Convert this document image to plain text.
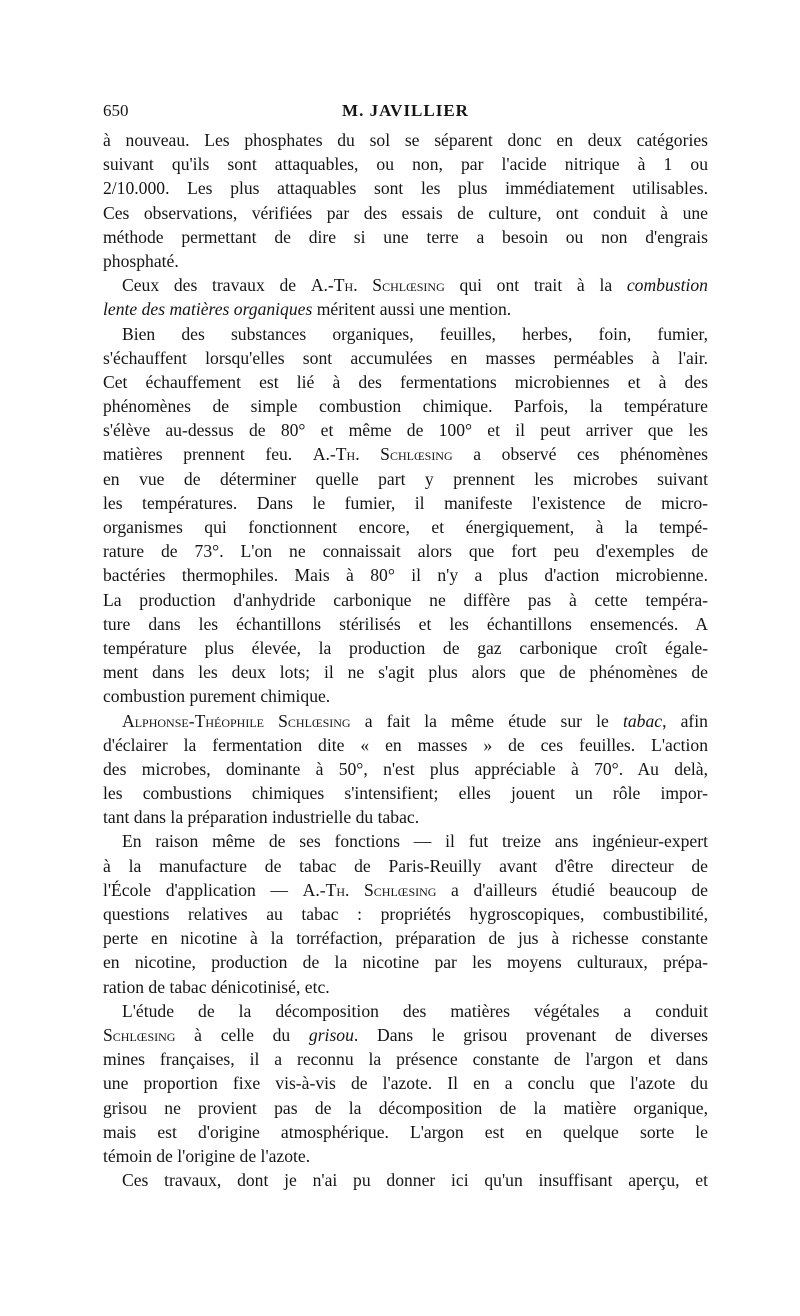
650	M. JAVILLIER
à nouveau. Les phosphates du sol se séparent donc en deux catégories
suivant qu'ils sont attaquables, ou non, par l'acide nitrique à 1 ou
2/10.000. Les plus attaquables sont les plus immédiatement utilisables.
Ces observations, vérifiées par des essais de culture, ont conduit à une
méthode permettant de dire si une terre a besoin ou non d'engrais
phosphaté.
Ceux des travaux de A.-Th. Schlœsing qui ont trait à la combustion
lente des matières organiques méritent aussi une mention.
Bien des substances organiques, feuilles, herbes, foin, fumier,
s'échauffent lorsqu'elles sont accumulées en masses perméables à l'air.
Cet échauffement est lié à des fermentations microbiennes et à des
phénomènes de simple combustion chimique. Parfois, la température
s'élève au-dessus de 80° et même de 100° et il peut arriver que les
matières prennent feu. A.-Th. Schlœsing a observé ces phénomènes
en vue de déterminer quelle part y prennent les microbes suivant
les températures. Dans le fumier, il manifeste l'existence de micro-
organismes qui fonctionnent encore, et énergiquement, à la tempé-
rature de 73°. L'on ne connaissait alors que fort peu d'exemples de
bactéries thermophiles. Mais à 80° il n'y a plus d'action microbienne.
La production d'anhydride carbonique ne diffère pas à cette tempéra-
ture dans les échantillons stérilisés et les échantillons ensemencés. A
température plus élevée, la production de gaz carbonique croît égale-
ment dans les deux lots; il ne s'agit plus alors que de phénomènes de
combustion purement chimique.
Alphonse-Théophile Schlœsing a fait la même étude sur le tabac, afin
d'éclairer la fermentation dite « en masses » de ces feuilles. L'action
des microbes, dominante à 50°, n'est plus appréciable à 70°. Au delà,
les combustions chimiques s'intensifient; elles jouent un rôle impor-
tant dans la préparation industrielle du tabac.
En raison même de ses fonctions — il fut treize ans ingénieur-expert
à la manufacture de tabac de Paris-Reuilly avant d'être directeur de
l'École d'application — A.-Th. Schlœsing a d'ailleurs étudié beaucoup de
questions relatives au tabac : propriétés hygroscopiques, combustibilité,
perte en nicotine à la torréfaction, préparation de jus à richesse constante
en nicotine, production de la nicotine par les moyens culturaux, prépa-
ration de tabac dénicotinisé, etc.
L'étude de la décomposition des matières végétales a conduit
Schlœsing à celle du grisou. Dans le grisou provenant de diverses
mines françaises, il a reconnu la présence constante de l'argon et dans
une proportion fixe vis-à-vis de l'azote. Il en a conclu que l'azote du
grisou ne provient pas de la décomposition de la matière organique,
mais est d'origine atmosphérique. L'argon est en quelque sorte le
témoin de l'origine de l'azote.
Ces travaux, dont je n'ai pu donner ici qu'un insuffisant aperçu, et
